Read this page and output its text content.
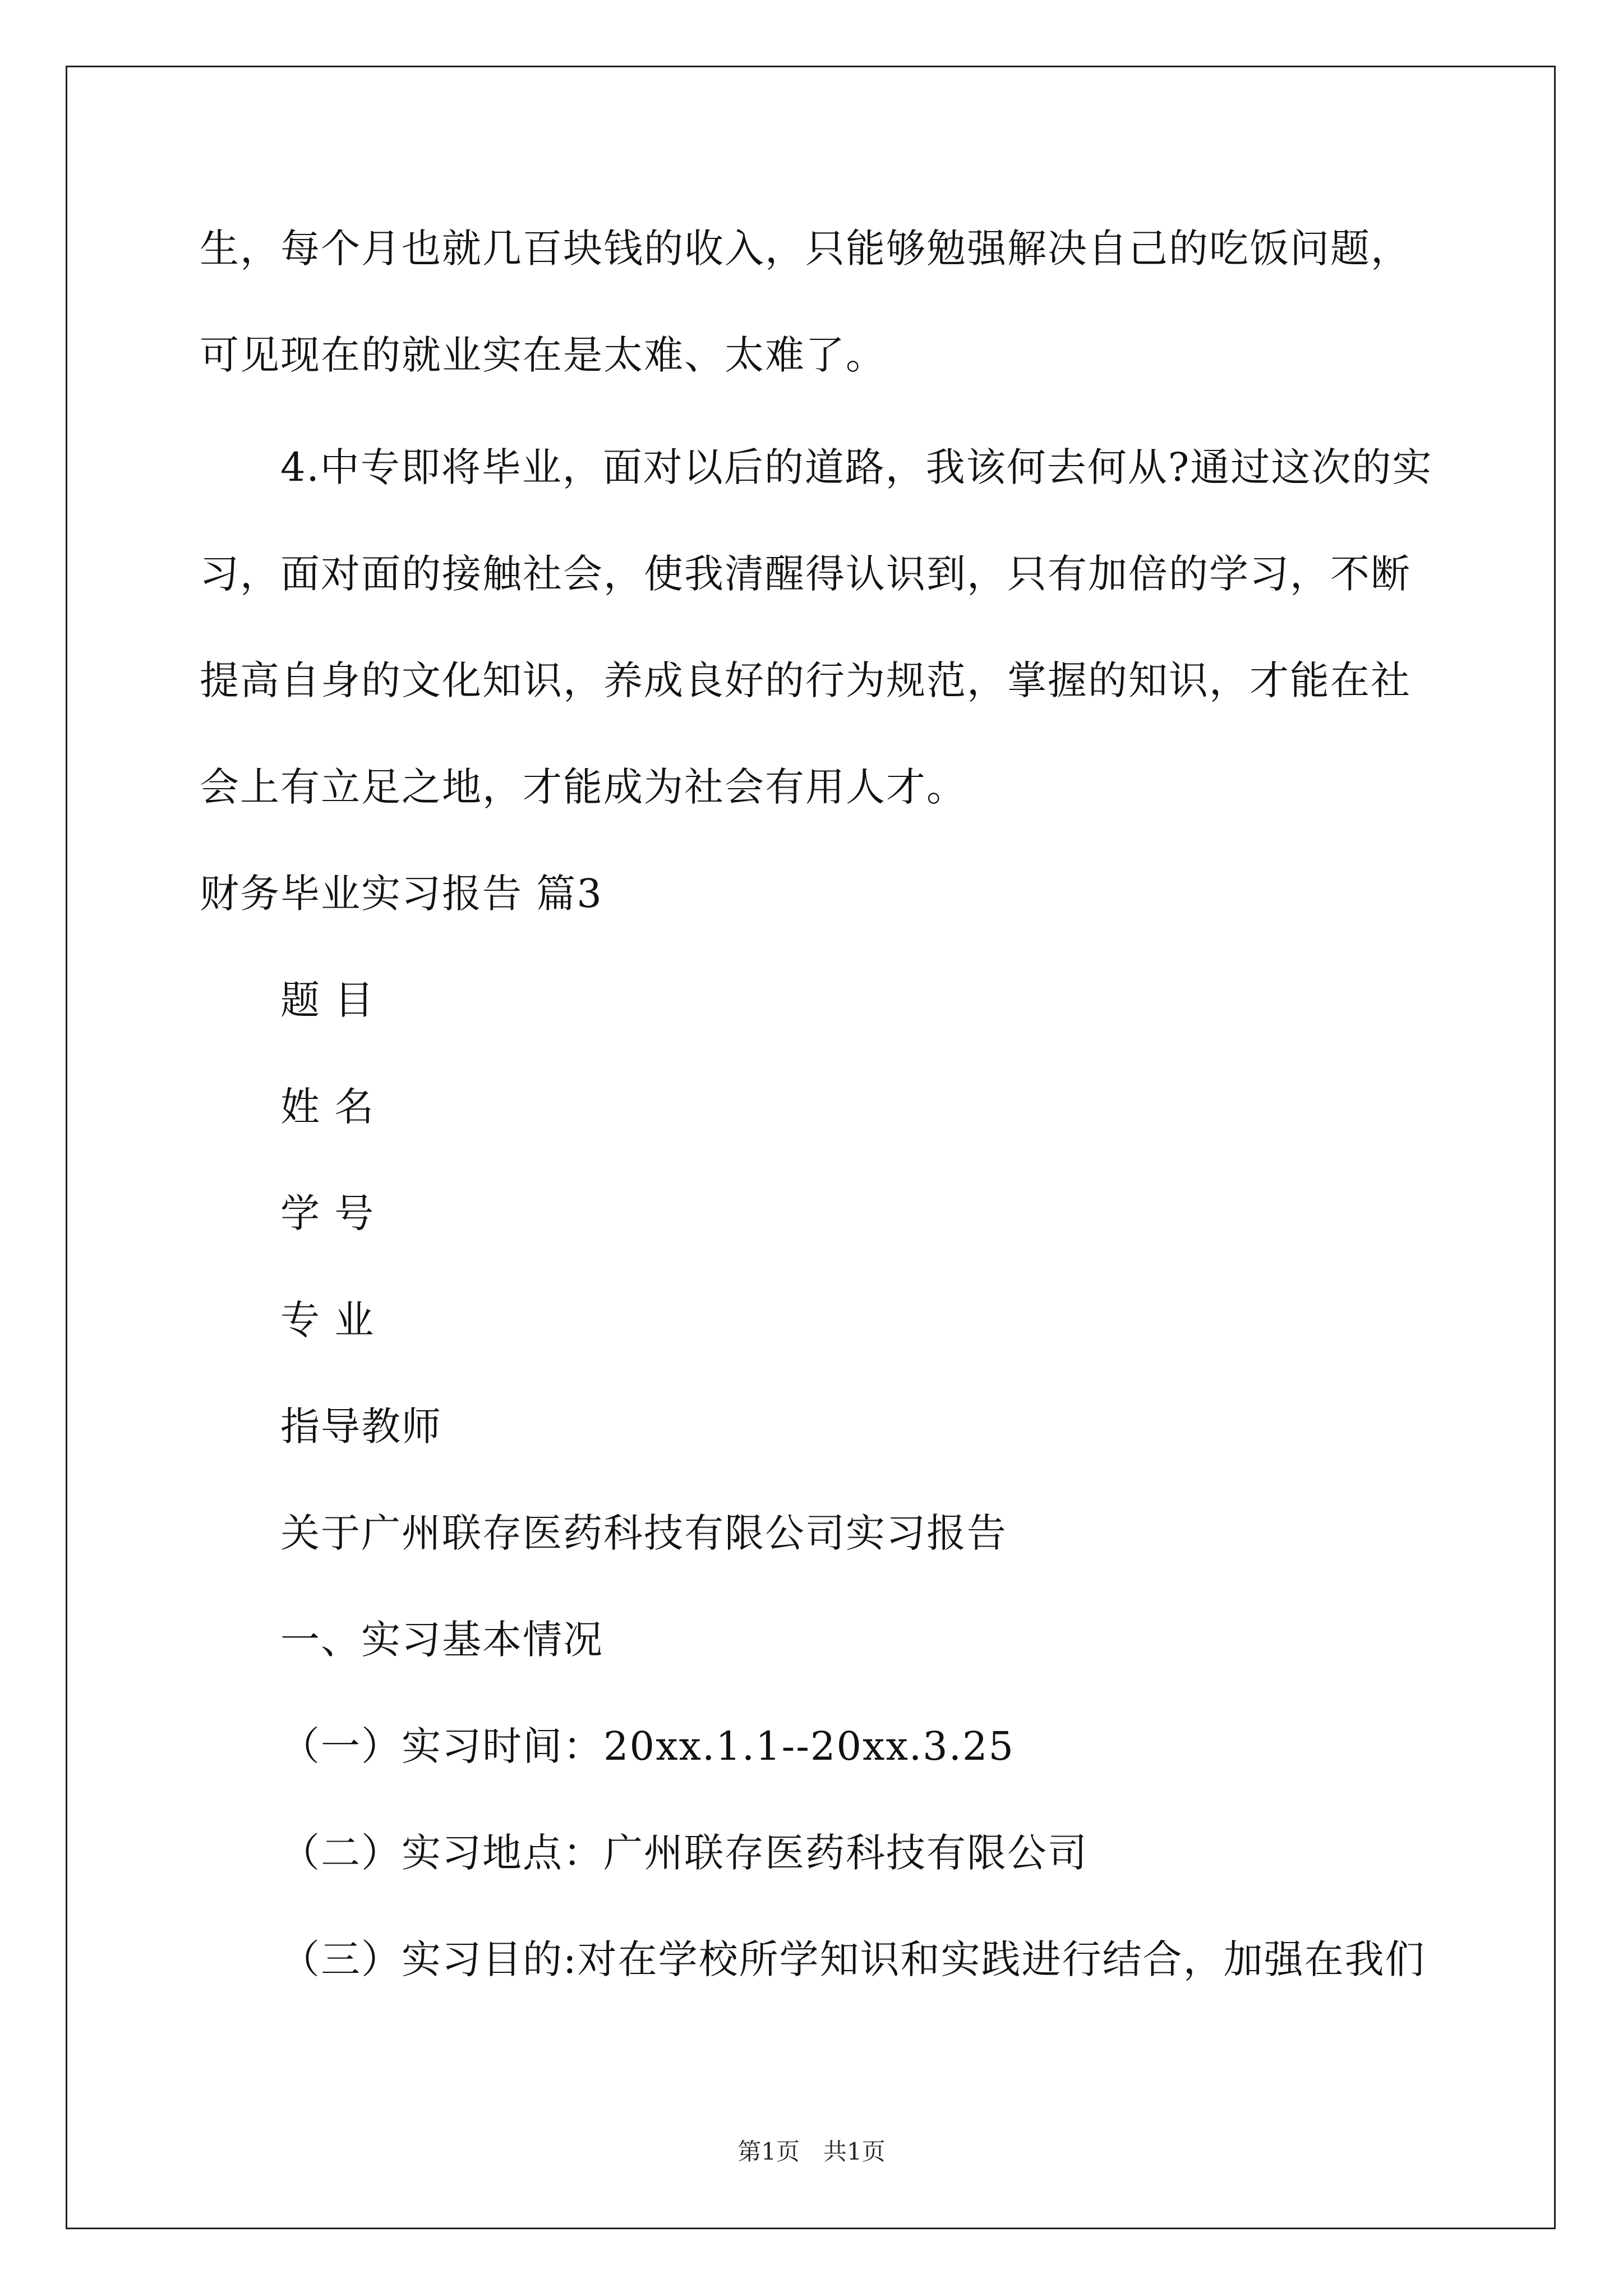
生，每个月也就几百块钱的收入，只能够勉强解决自己的吃饭问题，
可见现在的就业实在是太难、太难了。
4.中专即将毕业，面对以后的道路，我该何去何从?通过这次的实
习，面对面的接触社会，使我清醒得认识到，只有加倍的学习，不断
提高自身的文化知识，养成良好的行为规范，掌握的知识，才能在社
会上有立足之地，才能成为社会有用人才。
财务毕业实习报告 篇3
题 目
姓 名
学 号
专 业
指导教师
关于广州联存医药科技有限公司实习报告
一、实习基本情况
（一）实习时间：20xx.1.1--20xx.3.25
（二）实习地点：广州联存医药科技有限公司
（三）实习目的:对在学校所学知识和实践进行结合，加强在我们
第1页　共1页
